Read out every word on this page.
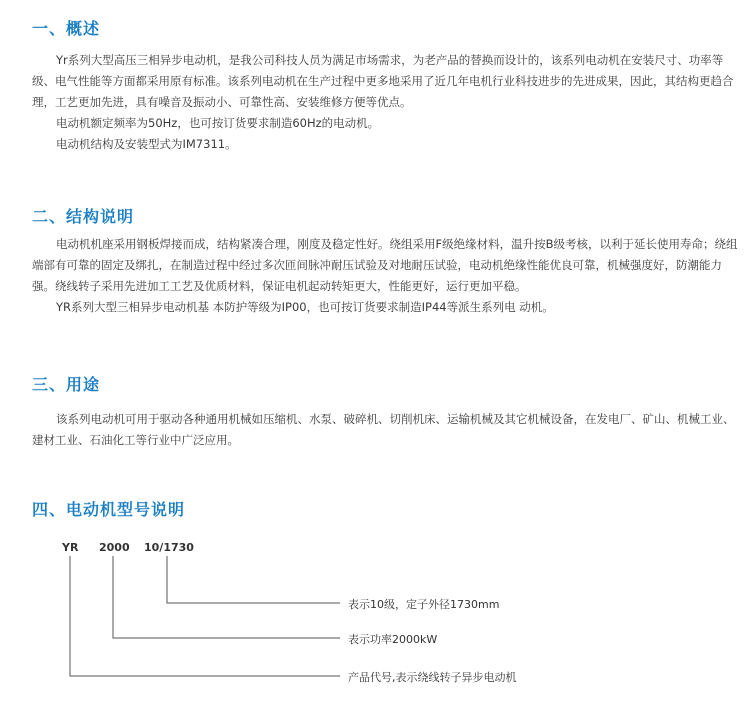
一、概述

Yr系列大型高压三相异步电动机，是我公司科技人员为满足市场需求，为老产品的替换而设计的，该系列电动机在安装尺寸、功率等级、电气性能等方面都采用原有标准。该系列电动机在生产过程中更多地采用了近几年电机行业科技进步的先进成果，因此，其结构更趋合理，工艺更加先进，具有噪音及振动小、可靠性高、安装维修方便等优点。

电动机额定频率为50Hz，也可按订货要求制造60Hz的电动机。

电动机结构及安装型式为IM7311。

二、结构说明

电动机机座采用钢板焊接而成，结构紧凑合理，刚度及稳定性好。绕组采用F级绝缘材料，温升按B级考核，以利于延长使用寿命；绕组端部有可靠的固定及绑扎，在制造过程中经过多次匝间脉冲耐压试验及对地耐压试验，电动机绝缘性能优良可靠，机械强度好，防潮能力强。绕线转子采用先进加工工艺及优质材料，保证电机起动转矩更大，性能更好，运行更加平稳。

YR系列大型三相异步电动机基 本防护等级为IP00，也可按订货要求制造IP44等派生系列电 动机。

三、用途

该系列电动机可用于驱动各种通用机械如压缩机、水泵、破碎机、切削机床、运输机械及其它机械设备，在发电厂、矿山、机械工业、建材工业、石油化工等行业中广泛应用。

四、电动机型号说明
YR 2000 10/1730
表示10级，定子外径1730mm
表示功率2000kW
产品代号,表示绕线转子异步电动机
